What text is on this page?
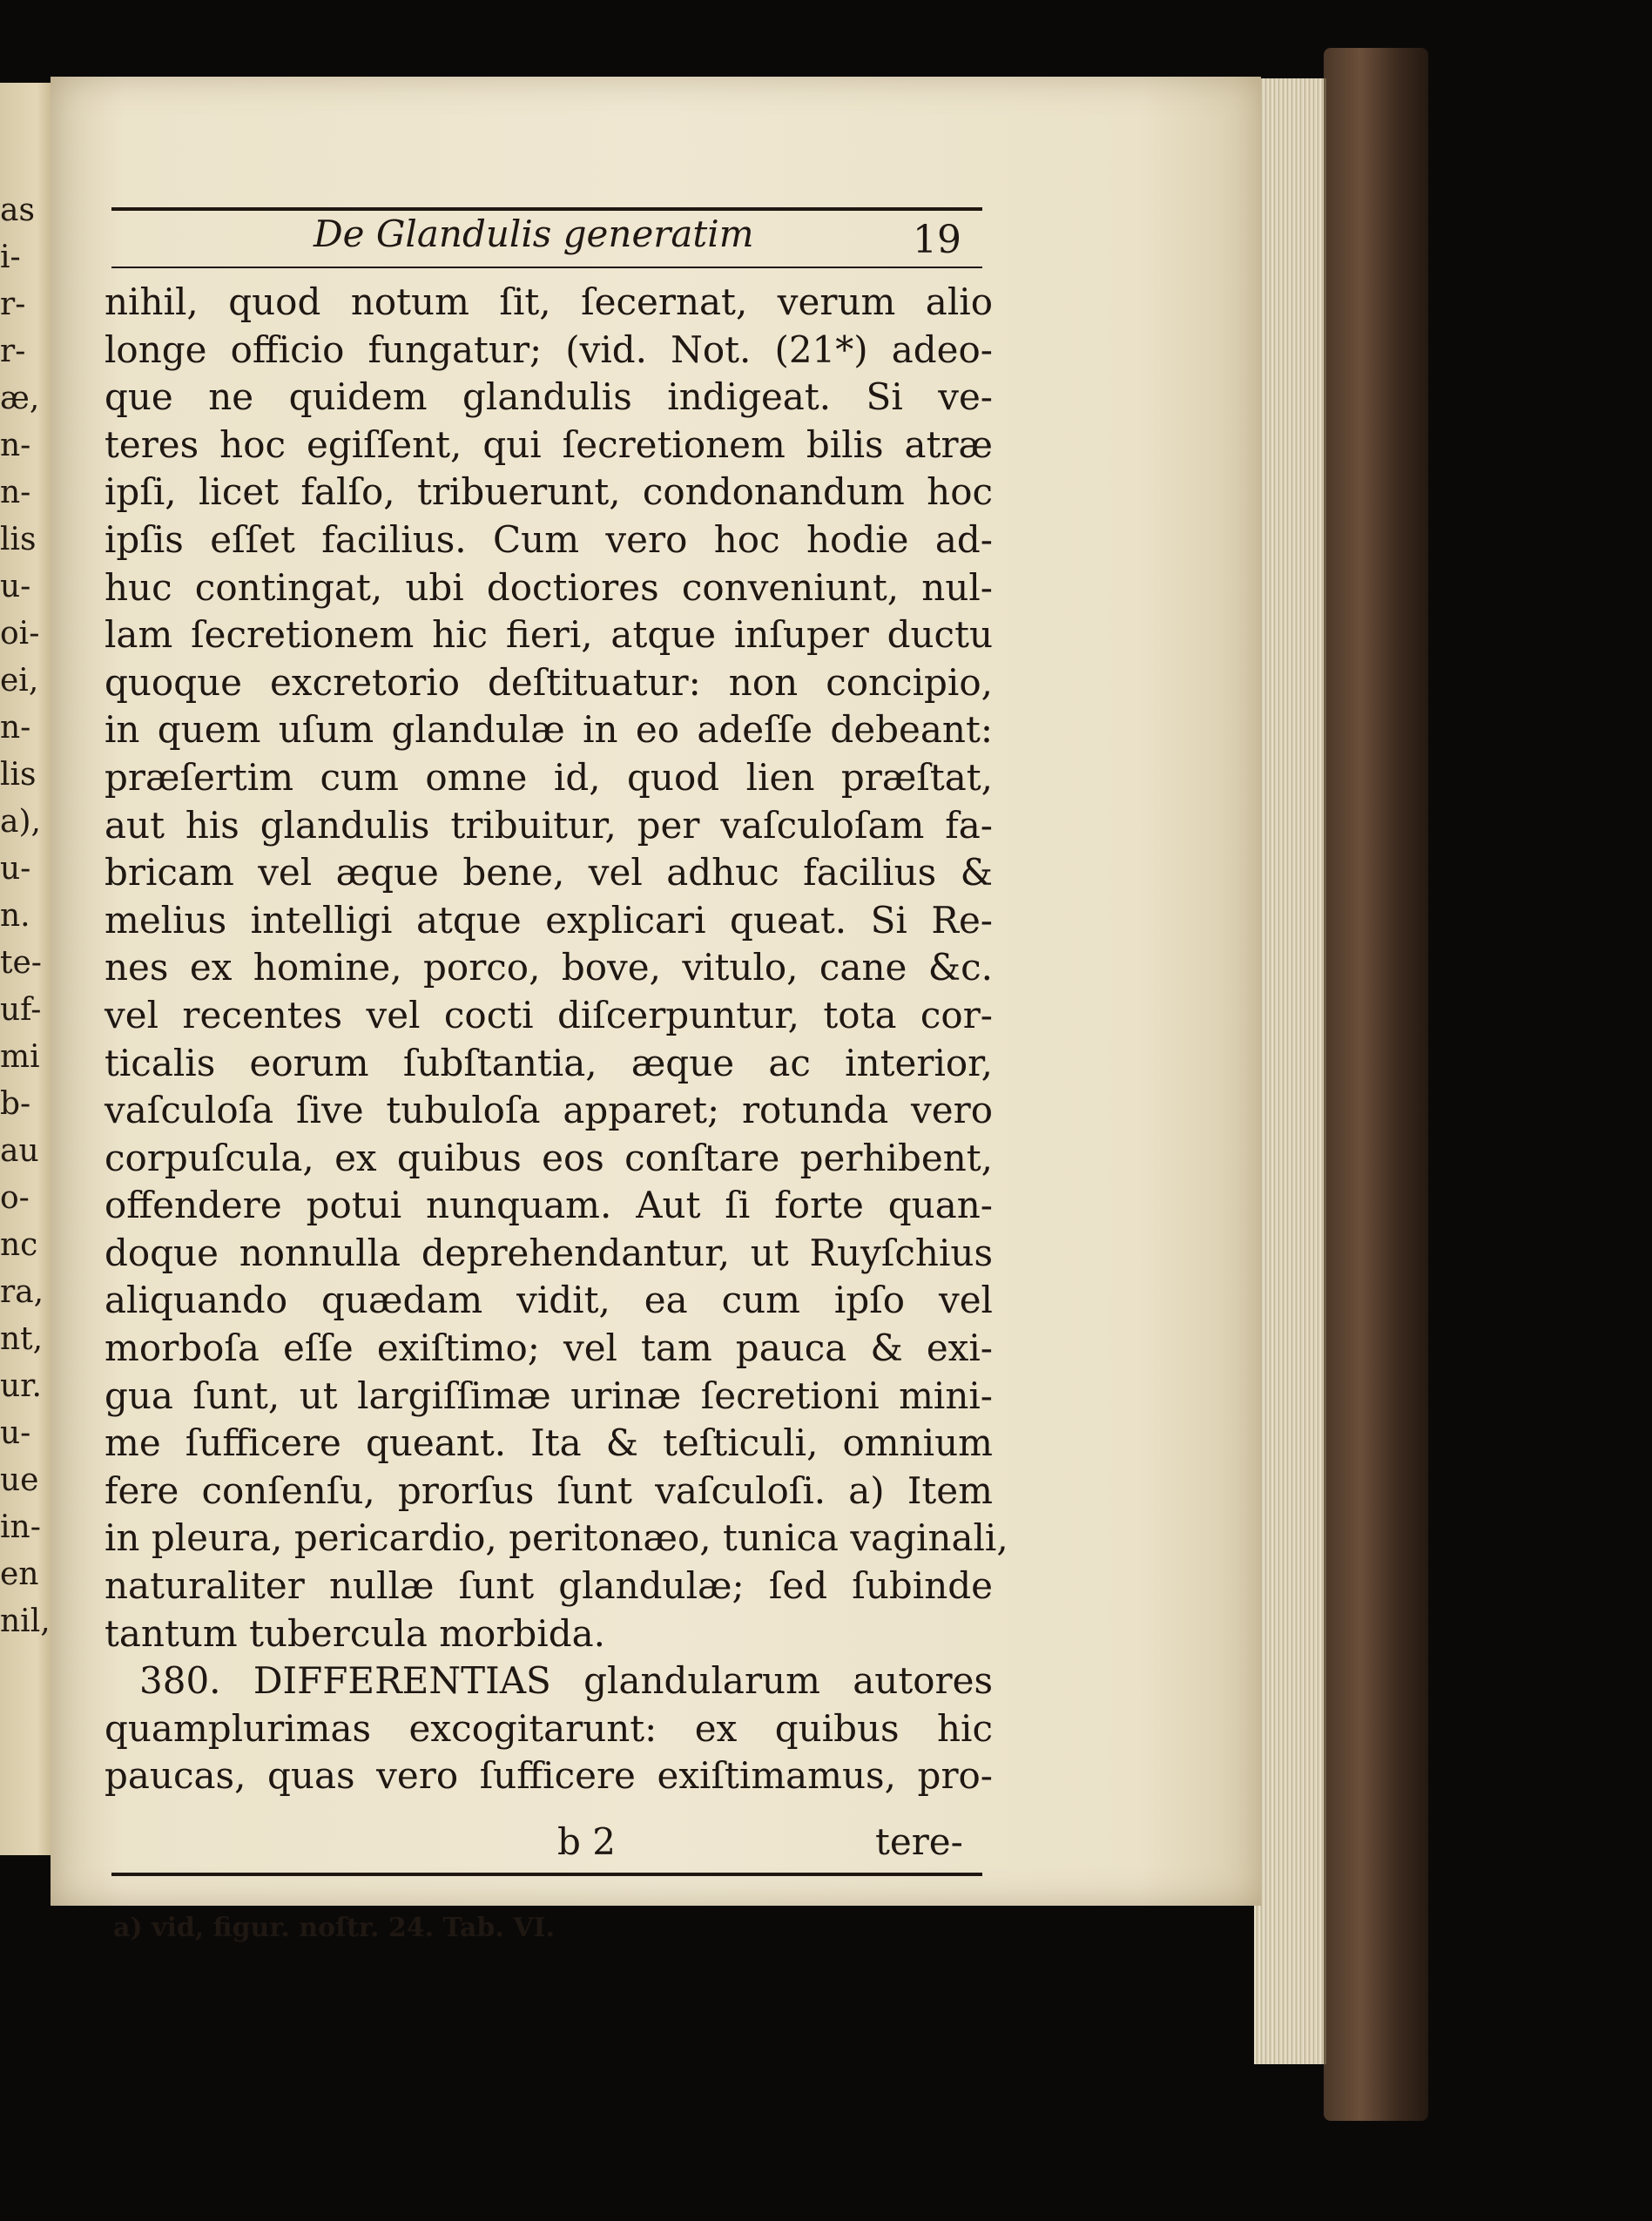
as
i-
r-
r-
æ,
n-
n-
lis
u-
oi-
ei,
n-
lis
a),
u-
n.
te-
uf-
mi
b-
au
o-
nc
ra,
nt,
ur.
u-
ue
in-
en
nil,
De Glandulis generatim	19
nihil, quod notum ſit, ſecernat, verum alio
longe officio fungatur; (vid. Not. (21*) adeo-
que ne quidem glandulis indigeat. Si ve-
teres hoc egiſſent, qui ſecretionem bilis atræ
ipſi, licet falſo, tribuerunt, condonandum hoc
ipſis eſſet facilius. Cum vero hoc hodie ad-
huc contingat, ubi doctiores conveniunt, nul-
lam ſecretionem hic fieri, atque inſuper ductu
quoque excretorio deſtituatur: non concipio,
in quem uſum glandulæ in eo adeſſe debeant:
præſertim cum omne id, quod lien præſtat,
aut his glandulis tribuitur, per vaſculoſam fa-
bricam vel æque bene, vel adhuc facilius &
melius intelligi atque explicari queat. Si Re-
nes ex homine, porco, bove, vitulo, cane &c.
vel recentes vel cocti diſcerpuntur, tota cor-
ticalis eorum ſubſtantia, æque ac interior,
vaſculoſa ſive tubuloſa apparet; rotunda vero
corpuſcula, ex quibus eos conſtare perhibent,
offendere potui nunquam. Aut ſi forte quan-
doque nonnulla deprehendantur, ut Ruyſchius
aliquando quædam vidit, ea cum ipſo vel
morboſa eſſe exiſtimo; vel tam pauca & exi-
gua ſunt, ut largiſſimæ urinæ ſecretioni mini-
me ſufficere queant. Ita & teſticuli, omnium
fere conſenſu, prorſus ſunt vaſculoſi. a) Item
in pleura, pericardio, peritonæo, tunica vaginali,
naturaliter nullæ ſunt glandulæ; ſed ſubinde
tantum tubercula morbida.
380. DIFFERENTIAS glandularum autores
quamplurimas excogitarunt: ex quibus hic
paucas, quas vero ſufficere exiſtimamus, pro-
b 2	tere-
a) vid, figur. noſtr. 24. Tab. VI.
